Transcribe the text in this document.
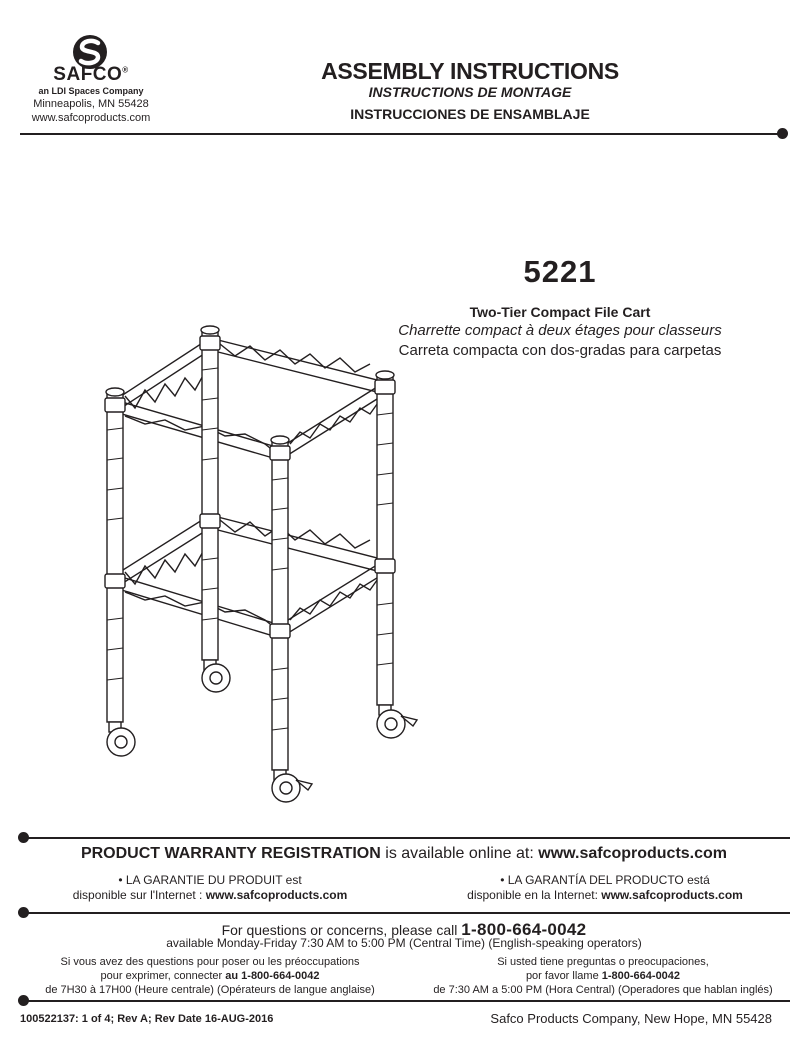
SAFCO®
an LDI Spaces Company
Minneapolis, MN 55428
www.safcoproducts.com
ASSEMBLY INSTRUCTIONS
INSTRUCTIONS DE MONTAGE
INSTRUCCIONES DE ENSAMBLAJE
5221
Two-Tier Compact File Cart
Charrette compact à deux étages pour classeurs
Carreta compacta con dos-gradas para carpetas
PRODUCT WARRANTY REGISTRATION is available online at: www.safcoproducts.com
• LA GARANTIE DU PRODUIT est
disponible sur l'Internet : www.safcoproducts.com
• LA GARANTÍA DEL PRODUCTO está
disponible en la Internet: www.safcoproducts.com
For questions or concerns, please call 1-800-664-0042
available Monday-Friday 7:30 AM to 5:00 PM (Central Time) (English-speaking operators)
Si vous avez des questions pour poser ou les préoccupations
pour exprimer, connecter au 1-800-664-0042
de 7H30 à 17H00 (Heure centrale) (Opérateurs de langue anglaise)
Si usted tiene preguntas o preocupaciones,
por favor llame 1-800-664-0042
de 7:30 AM a 5:00 PM (Hora Central) (Operadores que hablan inglés)
100522137: 1 of 4; Rev A; Rev Date 16-AUG-2016	Safco Products Company, New Hope, MN 55428
